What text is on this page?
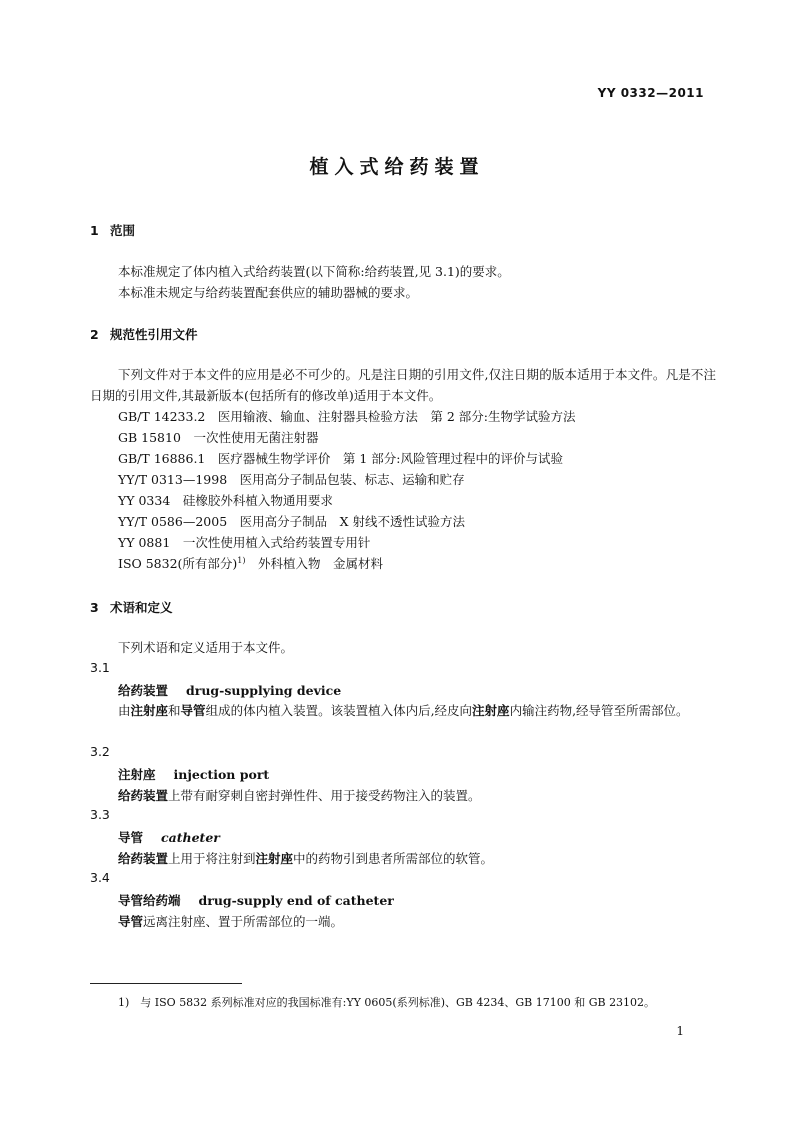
YY 0332—2011
植入式给药装置
1 范围
本标准规定了体内植入式给药装置(以下简称:给药装置,见 3.1)的要求。
本标准未规定与给药装置配套供应的辅助器械的要求。
2 规范性引用文件
下列文件对于本文件的应用是必不可少的。凡是注日期的引用文件,仅注日期的版本适用于本文件。凡是不注日期的引用文件,其最新版本(包括所有的修改单)适用于本文件。
GB/T 14233.2　 医用输液、输血、注射器具检验方法　第 2 部分:生物学试验方法
GB 15810　 一次性使用无菌注射器
GB/T 16886.1　 医疗器械生物学评价　第 1 部分:风险管理过程中的评价与试验
YY/T 0313—1998　 医用高分子制品包装、标志、运输和贮存
YY 0334　 硅橡胶外科植入物通用要求
YY/T 0586—2005　 医用高分子制品　X 射线不透性试验方法
YY 0881　 一次性使用植入式给药装置专用针
ISO 5832(所有部分)$^{1)}$　 外科植入物　金属材料
3 术语和定义
下列术语和定义适用于本文件。
3.1
给药装置 drug-supplying device
由注射座和导管组成的体内植入装置。该装置植入体内后,经皮向注射座内输注药物,经导管至所需部位。
3.2
注射座 injection port
给药装置上带有耐穿刺自密封弹性件、用于接受药物注入的装置。
3.3
导管 catheter
给药装置上用于将注射到注射座中的药物引到患者所需部位的软管。
3.4
导管给药端 drug-supply end of catheter
导管远离注射座、置于所需部位的一端。
1)　 与 ISO 5832 系列标准对应的我国标准有:YY 0605(系列标准)、GB 4234、GB 17100 和 GB 23102。
1
